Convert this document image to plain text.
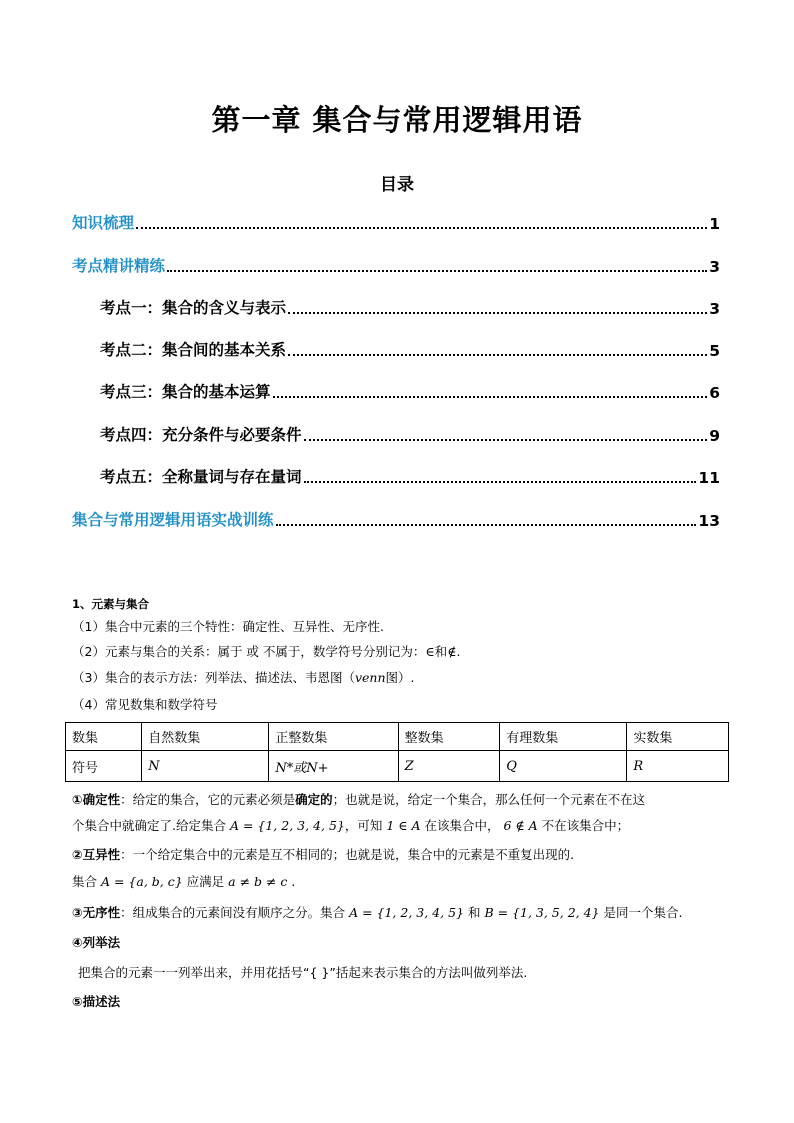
第一章 集合与常用逻辑用语
目录
知识梳理	1
考点精讲精练	3
考点一：集合的含义与表示	3
考点二：集合间的基本关系	5
考点三：集合的基本运算	6
考点四：充分条件与必要条件	9
考点五：全称量词与存在量词	11
集合与常用逻辑用语实战训练	13
1、元素与集合
（1）集合中元素的三个特性：确定性、互异性、无序性.
（2）元素与集合的关系：属于 或 不属于，数学符号分别记为：∈和∉.
（3）集合的表示方法：列举法、描述法、韦恩图（venn图）.
（4）常见数集和数学符号
数集	自然数集	正整数集	整数集	有理数集	实数集
符号	N	N*或N+	Z	Q	R
①确定性：给定的集合，它的元素必须是确定的；也就是说，给定一个集合，那么任何一个元素在不在这
个集合中就确定了.给定集合 A = {1, 2, 3, 4, 5}，可知 1 ∈ A 在该集合中， 6 ∉ A 不在该集合中；
②互异性：一个给定集合中的元素是互不相同的；也就是说，集合中的元素是不重复出现的.
集合 A = {a, b, c} 应满足 a ≠ b ≠ c .
③无序性：组成集合的元素间没有顺序之分。集合 A = {1, 2, 3, 4, 5} 和 B = {1, 3, 5, 2, 4} 是同一个集合.
④列举法
把集合的元素一一列举出来，并用花括号“{ }”括起来表示集合的方法叫做列举法.
⑤描述法
